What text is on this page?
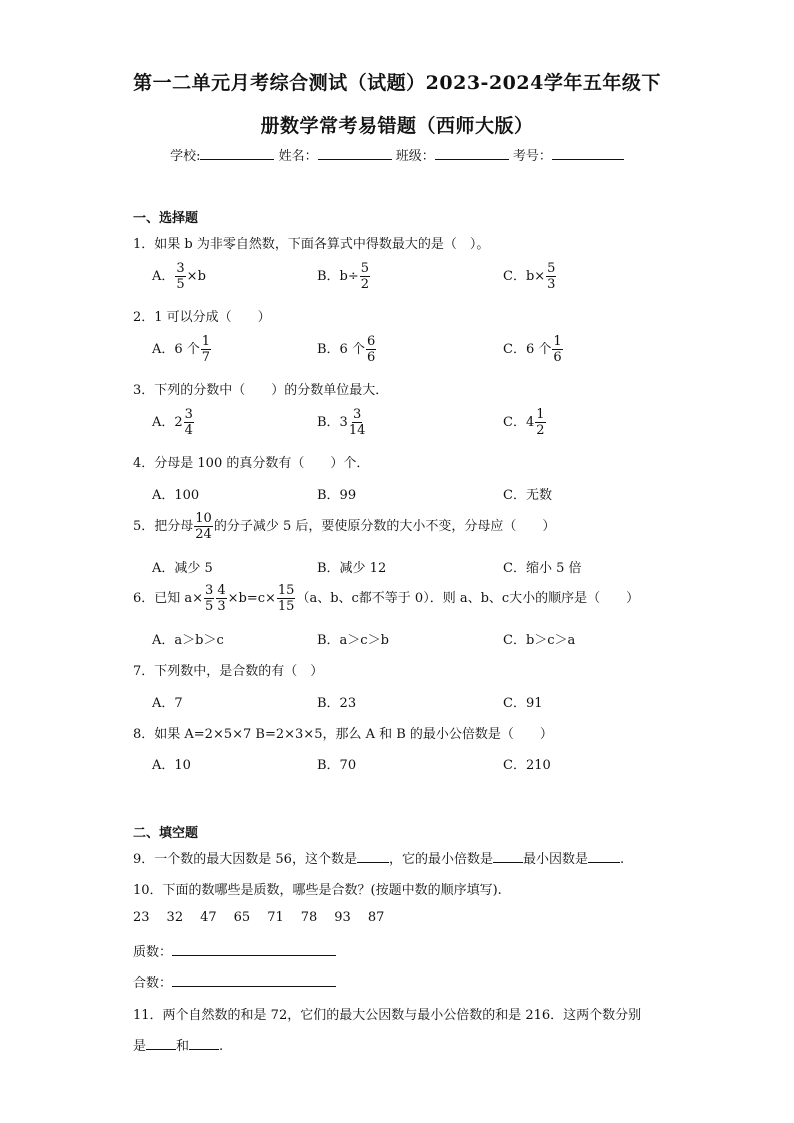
第一二单元月考综合测试（试题）2023-2024学年五年级下
册数学常考易错题（西师大版）
学校:	姓名：	班级：	考号：
一、选择题
1．如果 b 为非零自然数，下面各算式中得数最大的是（　）。
A． $\frac{3}{5} \times b$	B．$b\div \frac{5}{2}$	C．$b\times \frac{5}{3}$
2．1 可以分成（　　）
A．6 个 $\frac{1}{7}$	B．6 个 $\frac{6}{6}$	C．6 个 $\frac{1}{6}$
3．下列的分数中（　　）的分数单位最大．
A．$2 \frac{3}{4}$	B．$3 \frac{3}{14}$	C．$4 \frac{1}{2}$
4．分母是 100 的真分数有（　　）个．
A．100	B．99	C．无数
5．把分母 $\frac{10}{24}$ 的分子减少 5 后，要使原分数的大小不变，分母应（　　）
A．减少 5	B．减少 12	C．缩小 5 倍
6．已知 $a\times \frac{3}{5} \frac{4}{3} \times b=c\times \frac{15}{15} (a$、b、c都不等于 0）．则 a、b、c大小的顺序是（　　）
A．a＞b＞c	B．a＞c＞b	C．b＞c＞a
7．下列数中，是合数的有（　）
A．7	B．23	C．91
8．如果 A=2×5×7 B=2×3×5，那么 A 和 B 的最小公倍数是（　　）
A．10	B．70	C．210
二、填空题
9．一个数的最大因数是 56，这个数是 ，它的最小倍数是 最小因数是 .
10．下面的数哪些是质数，哪些是合数？(按题中数的顺序填写).
23 32 47 65 71 78 93 87
质数：
合数：
11．两个自然数的和是 72，它们的最大公因数与最小公倍数的和是 216．这两个数分别
是 和 .
